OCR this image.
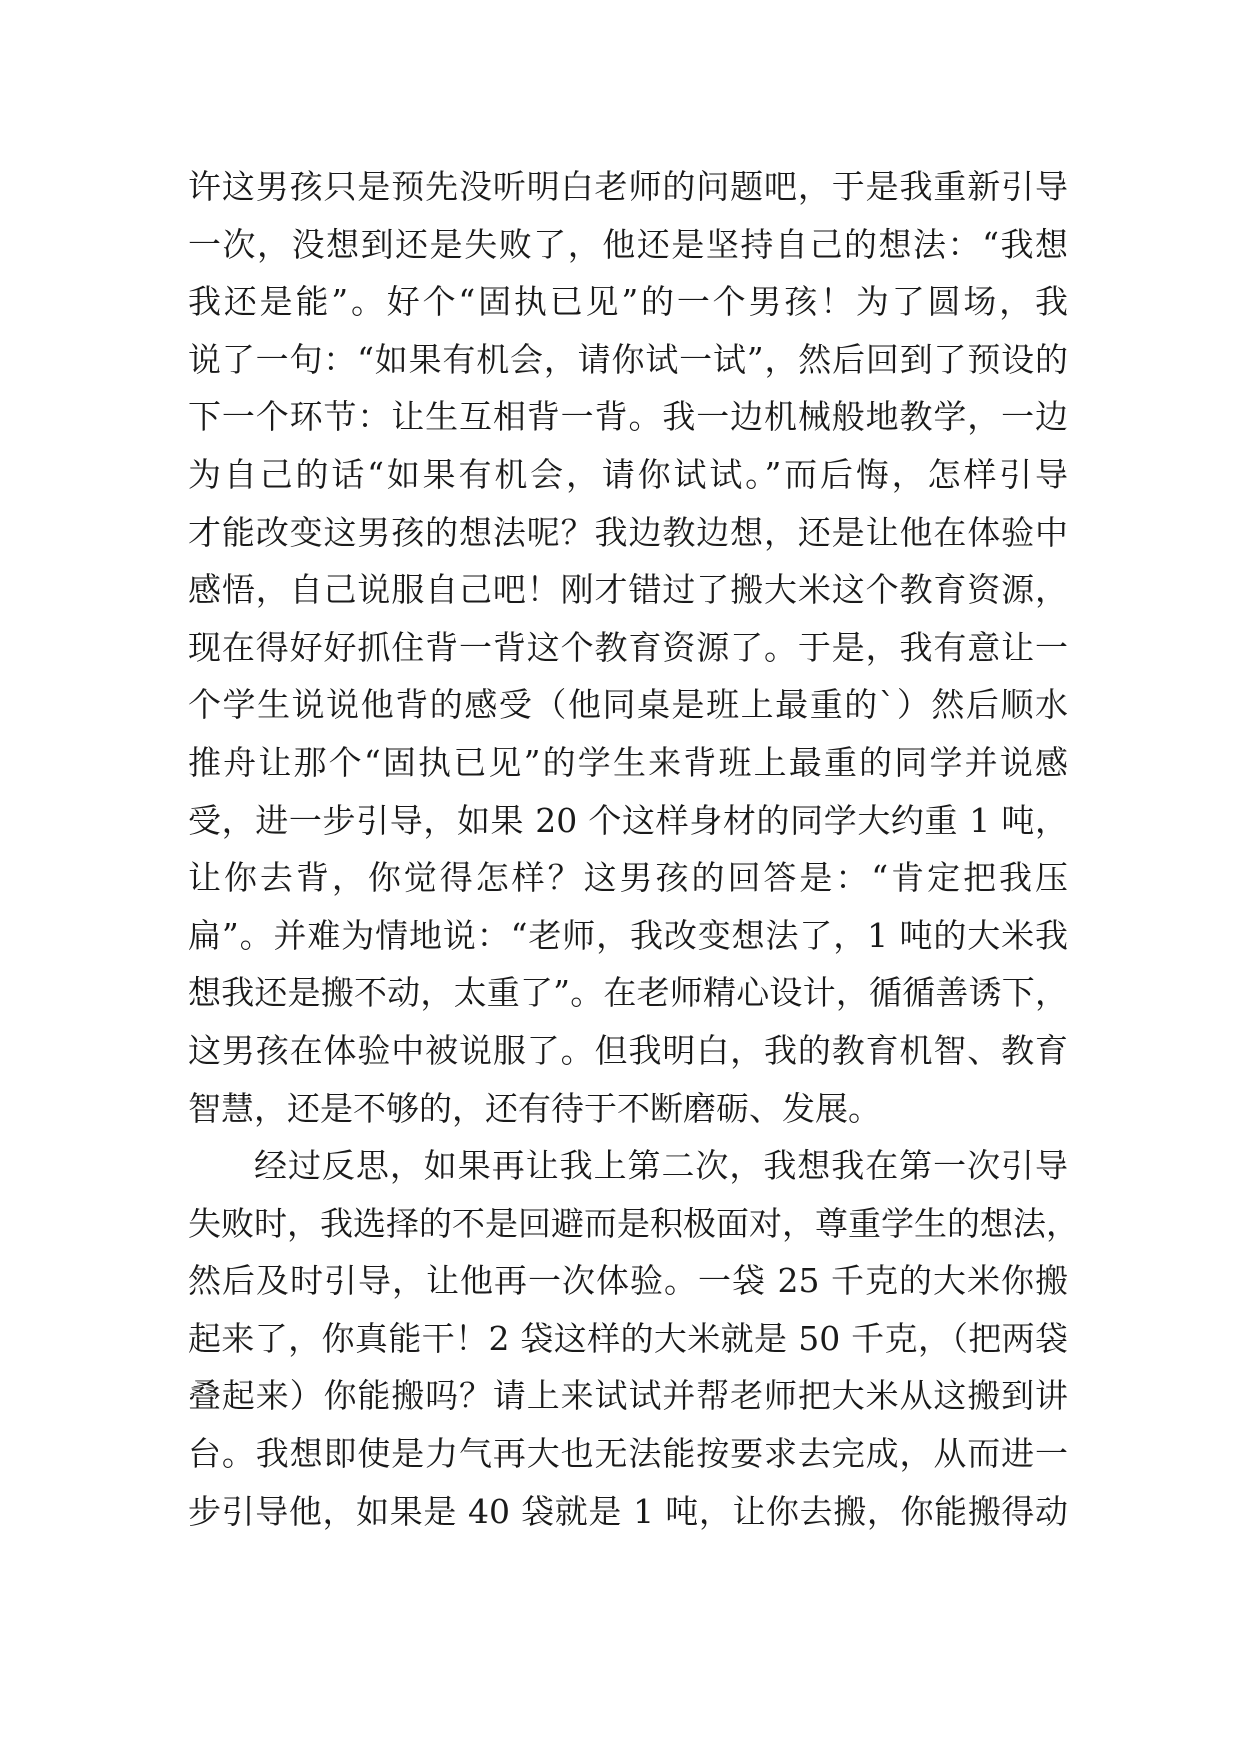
许这男孩只是预先没听明白老师的问题吧，于是我重新引导
一次，没想到还是失败了，他还是坚持自己的想法：“我想
我还是能”。好个“固执已见”的一个男孩！为了圆场，我
说了一句：“如果有机会，请你试一试”，然后回到了预设的
下一个环节：让生互相背一背。我一边机械般地教学，一边
为自己的话“如果有机会，请你试试。”而后悔，怎样引导
才能改变这男孩的想法呢？我边教边想，还是让他在体验中
感悟，自己说服自己吧！刚才错过了搬大米这个教育资源，
现在得好好抓住背一背这个教育资源了。于是，我有意让一
个学生说说他背的感受（他同桌是班上最重的`）然后顺水
推舟让那个“固执已见”的学生来背班上最重的同学并说感
受，进一步引导，如果 20 个这样身材的同学大约重 1 吨，
让你去背，你觉得怎样？这男孩的回答是：“肯定把我压
扁”。并难为情地说：“老师，我改变想法了，1 吨的大米我
想我还是搬不动，太重了”。在老师精心设计，循循善诱下，
这男孩在体验中被说服了。但我明白，我的教育机智、教育
智慧，还是不够的，还有待于不断磨砺、发展。
经过反思，如果再让我上第二次，我想我在第一次引导
失败时，我选择的不是回避而是积极面对，尊重学生的想法，
然后及时引导，让他再一次体验。一袋 25 千克的大米你搬
起来了，你真能干！2 袋这样的大米就是 50 千克，（把两袋
叠起来）你能搬吗？请上来试试并帮老师把大米从这搬到讲
台。我想即使是力气再大也无法能按要求去完成，从而进一
步引导他，如果是 40 袋就是 1 吨，让你去搬，你能搬得动
